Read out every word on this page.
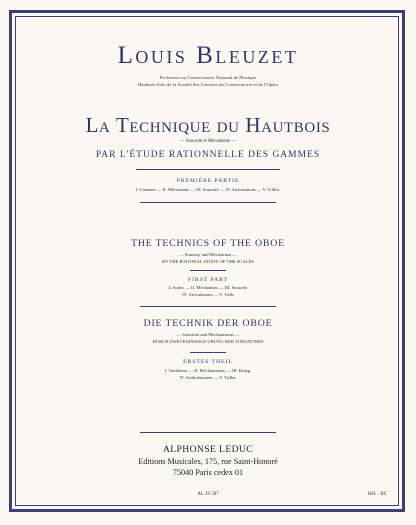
Louis Bleuzet
Professeur au Conservatoire National de Musique
Hautbois-Solo de la Société des Concerts du Conservatoire et de l'Opéra
La Technique du Hautbois
— Sonorité et Mécanisme —
PAR L'ÉTUDE RATIONNELLE DES GAMMES
PREMIÈRE PARTIE
I. Gammes — II. Mécanisme — III. Sonorité — IV. Articulations — V. Trilles.
THE TECHNICS OF THE OBOE
— Sonority and Mechanism —
BY THE RATIONAL STUDY OF THE SCALES
FIRST PART
I. Scales — II. Mechanism — III. Sonority
IV. Articulations — V. Trills
DIE TECHNIK DER OBOE
— Sonorität und Mechanismus —
DURCH ZWECKMÄSSIGE ÜBUNG DER TONLEITERN
ERSTES THEIL
I. Tonleitern — II. Mechanismus — III. Klang.
IV. Artikulationen — V. Triller.
ALPHONSE LEDUC
Editions Musicales, 175, rue Saint-Honoré
75040 Paris cedex 01
AL 19 307	Réf. : BC
